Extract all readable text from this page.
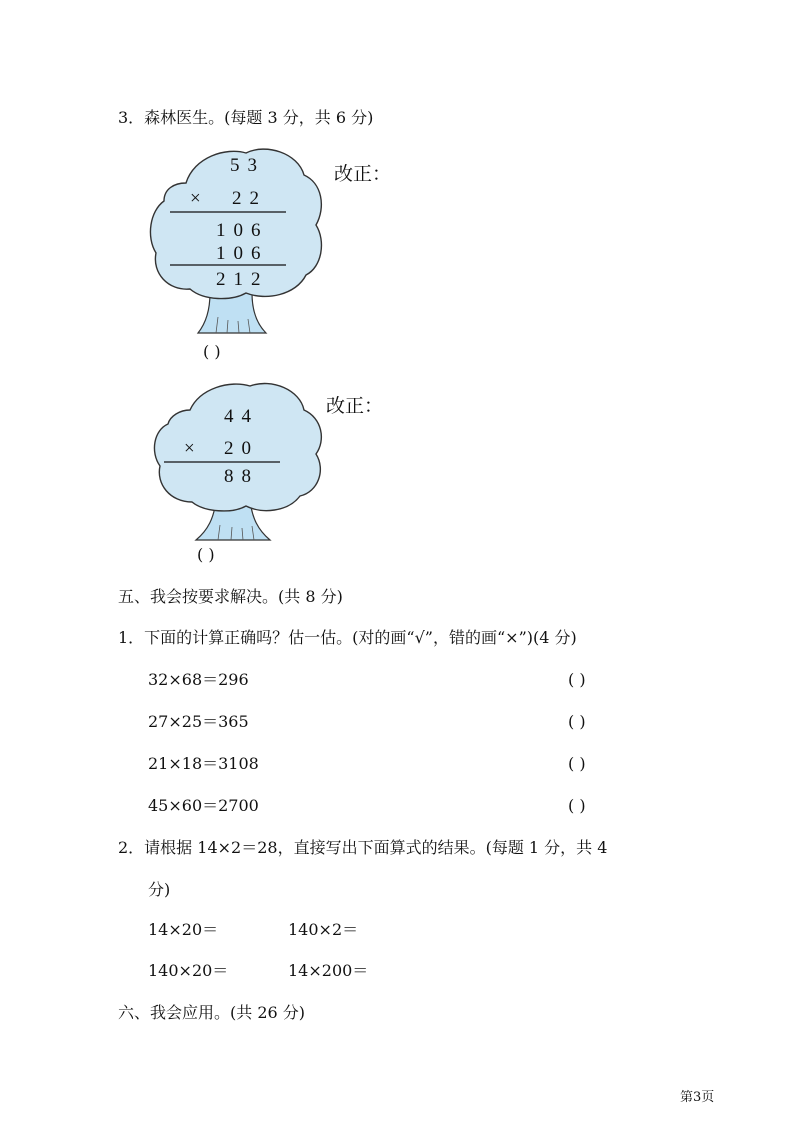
3．森林医生。(每题 3 分，共 6 分)
53
× 22
106
106
212
改正：
( )
44
× 20
88
改正：
( )
五、我会按要求解决。(共 8 分)
1．下面的计算正确吗？估一估。(对的画“√”，错的画“×”)(4 分)
32×68＝296	( )
27×25＝365	( )
21×18＝3108	( )
45×60＝2700	( )
2．请根据 14×2＝28，直接写出下面算式的结果。(每题 1 分，共 4
分)
14×20＝	140×2＝
140×20＝	14×200＝
六、我会应用。(共 26 分)
第3页
